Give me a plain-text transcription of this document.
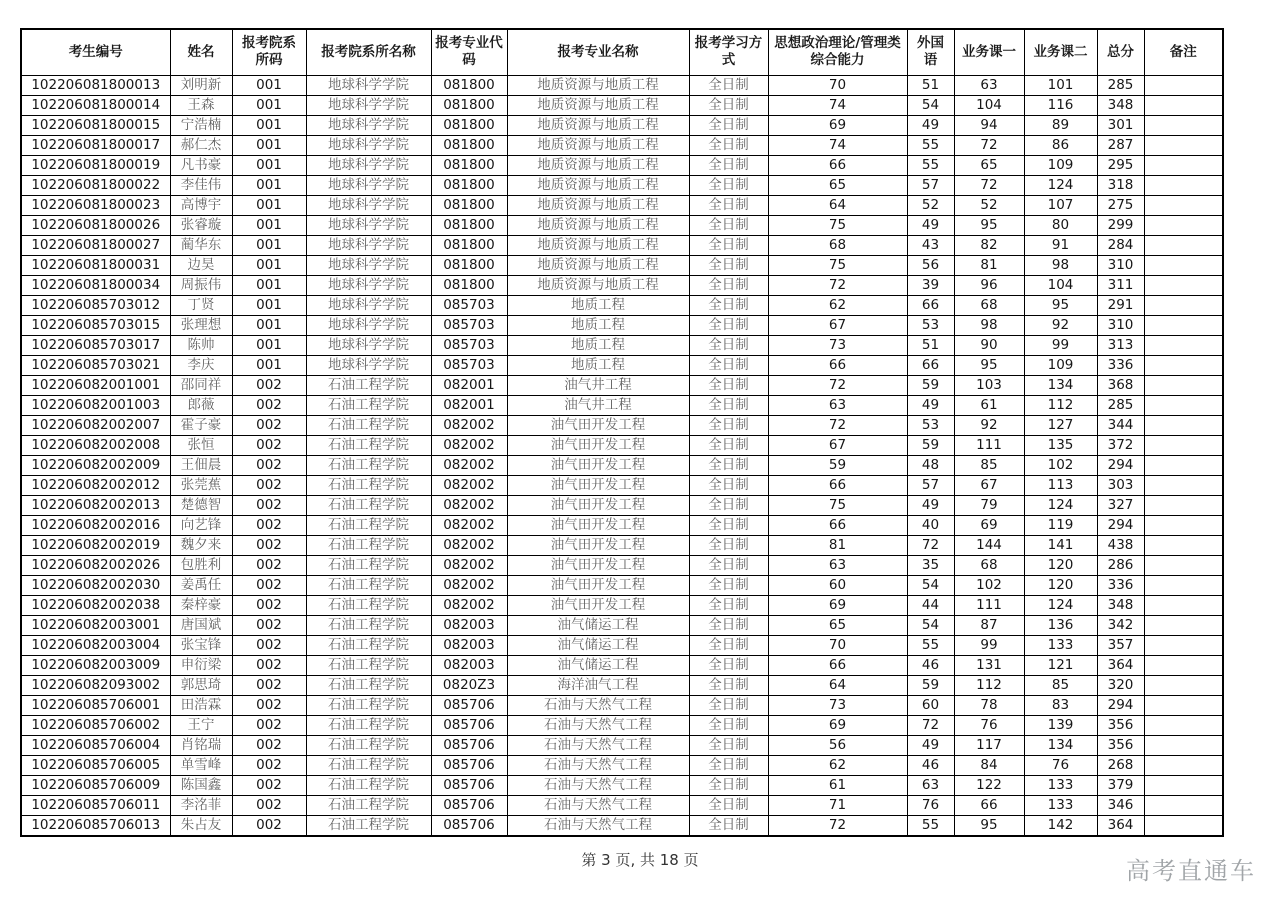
考生编号	姓名	报考院系所码	报考院系所名称	报考专业代码	报考专业名称	报考学习方式	思想政治理论/管理类综合能力	外国语	业务课一	业务课二	总分	备注
102206081800013	刘明新	001	地球科学学院	081800	地质资源与地质工程	全日制	70	51	63	101	285	
102206081800014	王森	001	地球科学学院	081800	地质资源与地质工程	全日制	74	54	104	116	348	
102206081800015	宁浩楠	001	地球科学学院	081800	地质资源与地质工程	全日制	69	49	94	89	301	
102206081800017	郝仁杰	001	地球科学学院	081800	地质资源与地质工程	全日制	74	55	72	86	287	
102206081800019	凡书豪	001	地球科学学院	081800	地质资源与地质工程	全日制	66	55	65	109	295	
102206081800022	李佳伟	001	地球科学学院	081800	地质资源与地质工程	全日制	65	57	72	124	318	
102206081800023	高博宇	001	地球科学学院	081800	地质资源与地质工程	全日制	64	52	52	107	275	
102206081800026	张睿璇	001	地球科学学院	081800	地质资源与地质工程	全日制	75	49	95	80	299	
102206081800027	蔺华东	001	地球科学学院	081800	地质资源与地质工程	全日制	68	43	82	91	284	
102206081800031	边昊	001	地球科学学院	081800	地质资源与地质工程	全日制	75	56	81	98	310	
102206081800034	周振伟	001	地球科学学院	081800	地质资源与地质工程	全日制	72	39	96	104	311	
102206085703012	丁贤	001	地球科学学院	085703	地质工程	全日制	62	66	68	95	291	
102206085703015	张理想	001	地球科学学院	085703	地质工程	全日制	67	53	98	92	310	
102206085703017	陈帅	001	地球科学学院	085703	地质工程	全日制	73	51	90	99	313	
102206085703021	李庆	001	地球科学学院	085703	地质工程	全日制	66	66	95	109	336	
102206082001001	邵同祥	002	石油工程学院	082001	油气井工程	全日制	72	59	103	134	368	
102206082001003	郎薇	002	石油工程学院	082001	油气井工程	全日制	63	49	61	112	285	
102206082002007	霍子豪	002	石油工程学院	082002	油气田开发工程	全日制	72	53	92	127	344	
102206082002008	张恒	002	石油工程学院	082002	油气田开发工程	全日制	67	59	111	135	372	
102206082002009	王佃晨	002	石油工程学院	082002	油气田开发工程	全日制	59	48	85	102	294	
102206082002012	张莞蕉	002	石油工程学院	082002	油气田开发工程	全日制	66	57	67	113	303	
102206082002013	楚德智	002	石油工程学院	082002	油气田开发工程	全日制	75	49	79	124	327	
102206082002016	向艺锋	002	石油工程学院	082002	油气田开发工程	全日制	66	40	69	119	294	
102206082002019	魏夕来	002	石油工程学院	082002	油气田开发工程	全日制	81	72	144	141	438	
102206082002026	包胜利	002	石油工程学院	082002	油气田开发工程	全日制	63	35	68	120	286	
102206082002030	姜禹任	002	石油工程学院	082002	油气田开发工程	全日制	60	54	102	120	336	
102206082002038	秦梓豪	002	石油工程学院	082002	油气田开发工程	全日制	69	44	111	124	348	
102206082003001	唐国斌	002	石油工程学院	082003	油气储运工程	全日制	65	54	87	136	342	
102206082003004	张宝锋	002	石油工程学院	082003	油气储运工程	全日制	70	55	99	133	357	
102206082003009	申衍梁	002	石油工程学院	082003	油气储运工程	全日制	66	46	131	121	364	
102206082093002	郭思琦	002	石油工程学院	0820Z3	海洋油气工程	全日制	64	59	112	85	320	
102206085706001	田浩霖	002	石油工程学院	085706	石油与天然气工程	全日制	73	60	78	83	294	
102206085706002	王宁	002	石油工程学院	085706	石油与天然气工程	全日制	69	72	76	139	356	
102206085706004	肖铭瑞	002	石油工程学院	085706	石油与天然气工程	全日制	56	49	117	134	356	
102206085706005	单雪峰	002	石油工程学院	085706	石油与天然气工程	全日制	62	46	84	76	268	
102206085706009	陈国鑫	002	石油工程学院	085706	石油与天然气工程	全日制	61	63	122	133	379	
102206085706011	李洺菲	002	石油工程学院	085706	石油与天然气工程	全日制	71	76	66	133	346	
102206085706013	朱占友	002	石油工程学院	085706	石油与天然气工程	全日制	72	55	95	142	364	
第 3 页, 共 18 页	高考直通车
